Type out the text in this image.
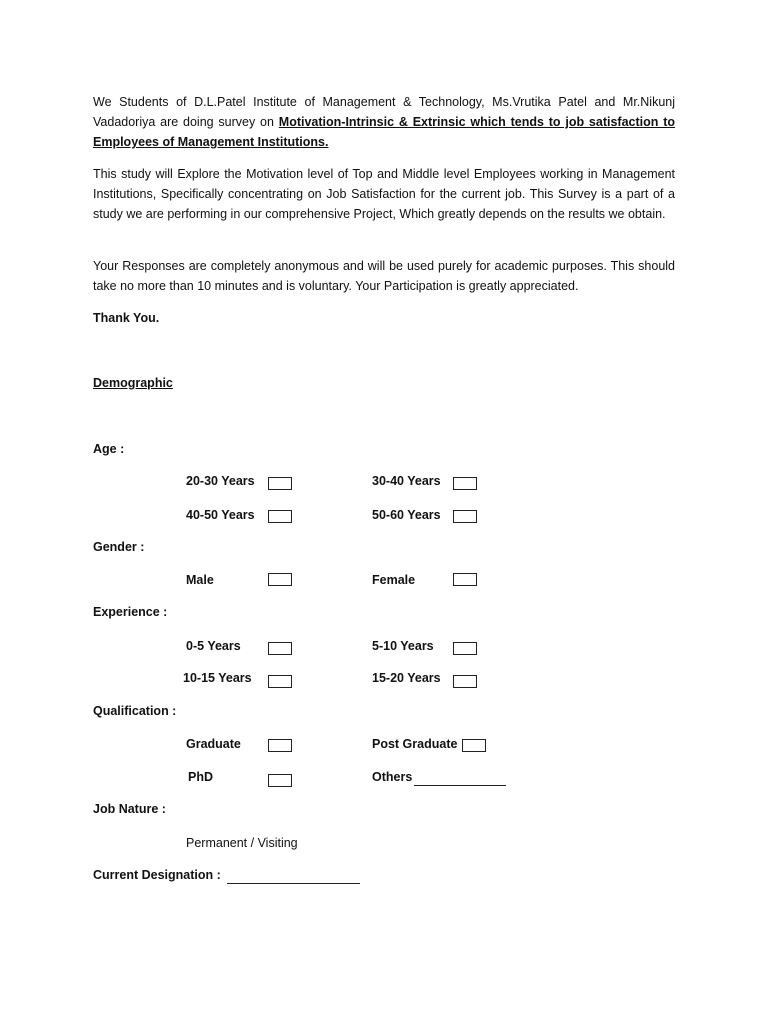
We Students of D.L.Patel Institute of Management & Technology, Ms.Vrutika Patel and Mr.Nikunj Vadadoriya are doing survey on Motivation-Intrinsic & Extrinsic which tends to job satisfaction to Employees of Management Institutions.

This study will Explore the Motivation level of Top and Middle level Employees working in Management Institutions, Specifically concentrating on Job Satisfaction for the current job. This Survey is a part of a study we are performing in our comprehensive Project, Which greatly depends on the results we obtain.

Your Responses are completely anonymous and will be used purely for academic purposes. This should take no more than 10 minutes and is voluntary. Your Participation is greatly appreciated.

Thank You.

Demographic

Age :

20-30 Years	30-40 Years
40-50 Years	50-60 Years

Gender :

Male	Female

Experience :

0-5 Years	5-10 Years
10-15 Years	15-20 Years

Qualification :

Graduate	Post Graduate
PhD	Others

Job Nature :

Permanent / Visiting

Current Designation :
